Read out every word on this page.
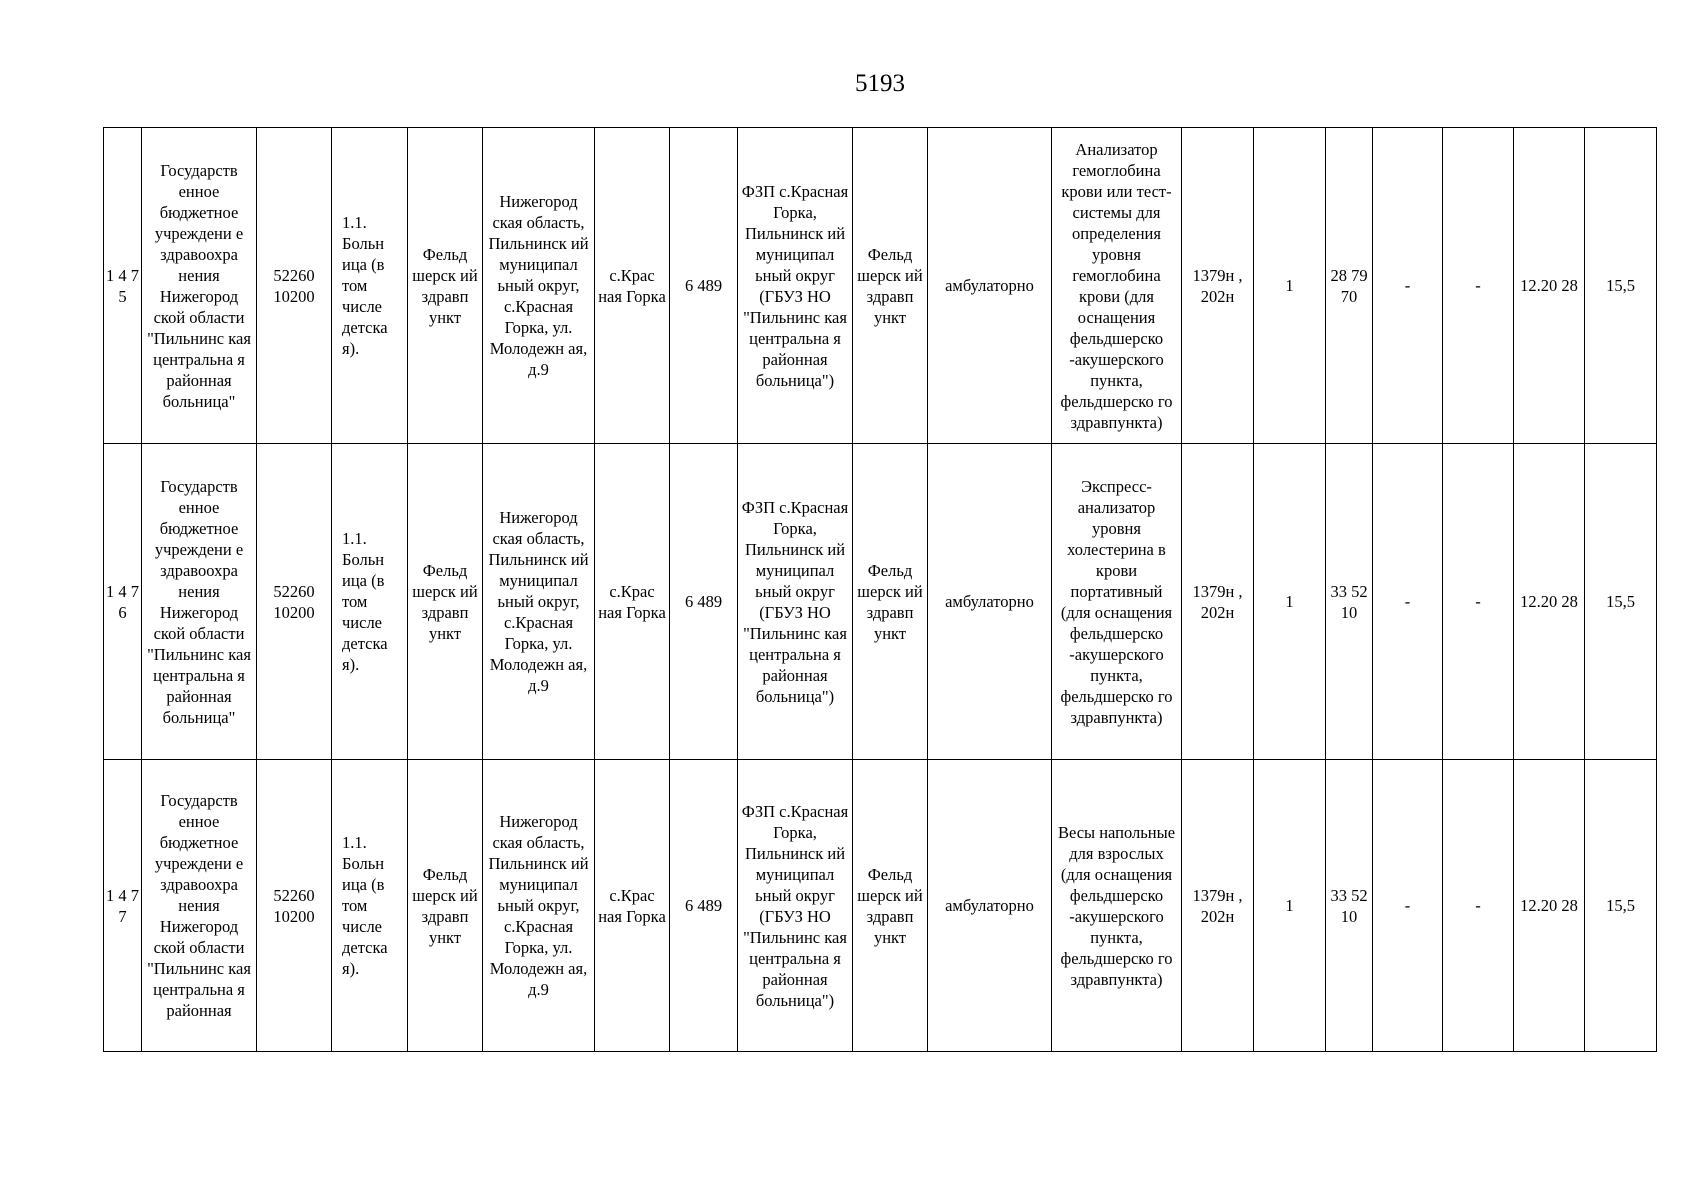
5193
1 4 7 5	Государств енное бюджетное учреждени е здравоохра нения Нижегород ской области "Пильнинс кая центральна я районная больница"	52260 10200	1.1. Больн ица (в том числе детска я).	Фельд шерск ий здравп ункт	Нижегород ская область, Пильнинск ий муниципал ьный округ, с.Красная Горка, ул. Молодежн ая, д.9	с.Крас ная Горка	6 489	ФЗП с.Красная Горка, Пильнинск ий муниципал ьный округ (ГБУЗ НО "Пильнинс кая центральна я районная больница")	Фельд шерск ий здравп ункт	амбулаторно	Анализатор гемоглобина крови или тест-системы для определения уровня гемоглобина крови (для оснащения фельдшерско -акушерского пункта, фельдшерско го здравпункта)	1379н , 202н	1	28 79 70	-	-	12.20 28	15,5
1 4 7 6	Государств енное бюджетное учреждени е здравоохра нения Нижегород ской области "Пильнинс кая центральна я районная больница"	52260 10200	1.1. Больн ица (в том числе детска я).	Фельд шерск ий здравп ункт	Нижегород ская область, Пильнинск ий муниципал ьный округ, с.Красная Горка, ул. Молодежн ая, д.9	с.Крас ная Горка	6 489	ФЗП с.Красная Горка, Пильнинск ий муниципал ьный округ (ГБУЗ НО "Пильнинс кая центральна я районная больница")	Фельд шерск ий здравп ункт	амбулаторно	Экспресс- анализатор уровня холестерина в крови портативный (для оснащения фельдшерско -акушерского пункта, фельдшерско го здравпункта)	1379н , 202н	1	33 52 10	-	-	12.20 28	15,5
1 4 7 7	Государств енное бюджетное учреждени е здравоохра нения Нижегород ской области "Пильнинс кая центральна я районная	52260 10200	1.1. Больн ица (в том числе детска я).	Фельд шерск ий здравп ункт	Нижегород ская область, Пильнинск ий муниципал ьный округ, с.Красная Горка, ул. Молодежн ая, д.9	с.Крас ная Горка	6 489	ФЗП с.Красная Горка, Пильнинск ий муниципал ьный округ (ГБУЗ НО "Пильнинс кая центральна я районная больница")	Фельд шерск ий здравп ункт	амбулаторно	Весы напольные для взрослых (для оснащения фельдшерско -акушерского пункта, фельдшерско го здравпункта)	1379н , 202н	1	33 52 10	-	-	12.20 28	15,5
